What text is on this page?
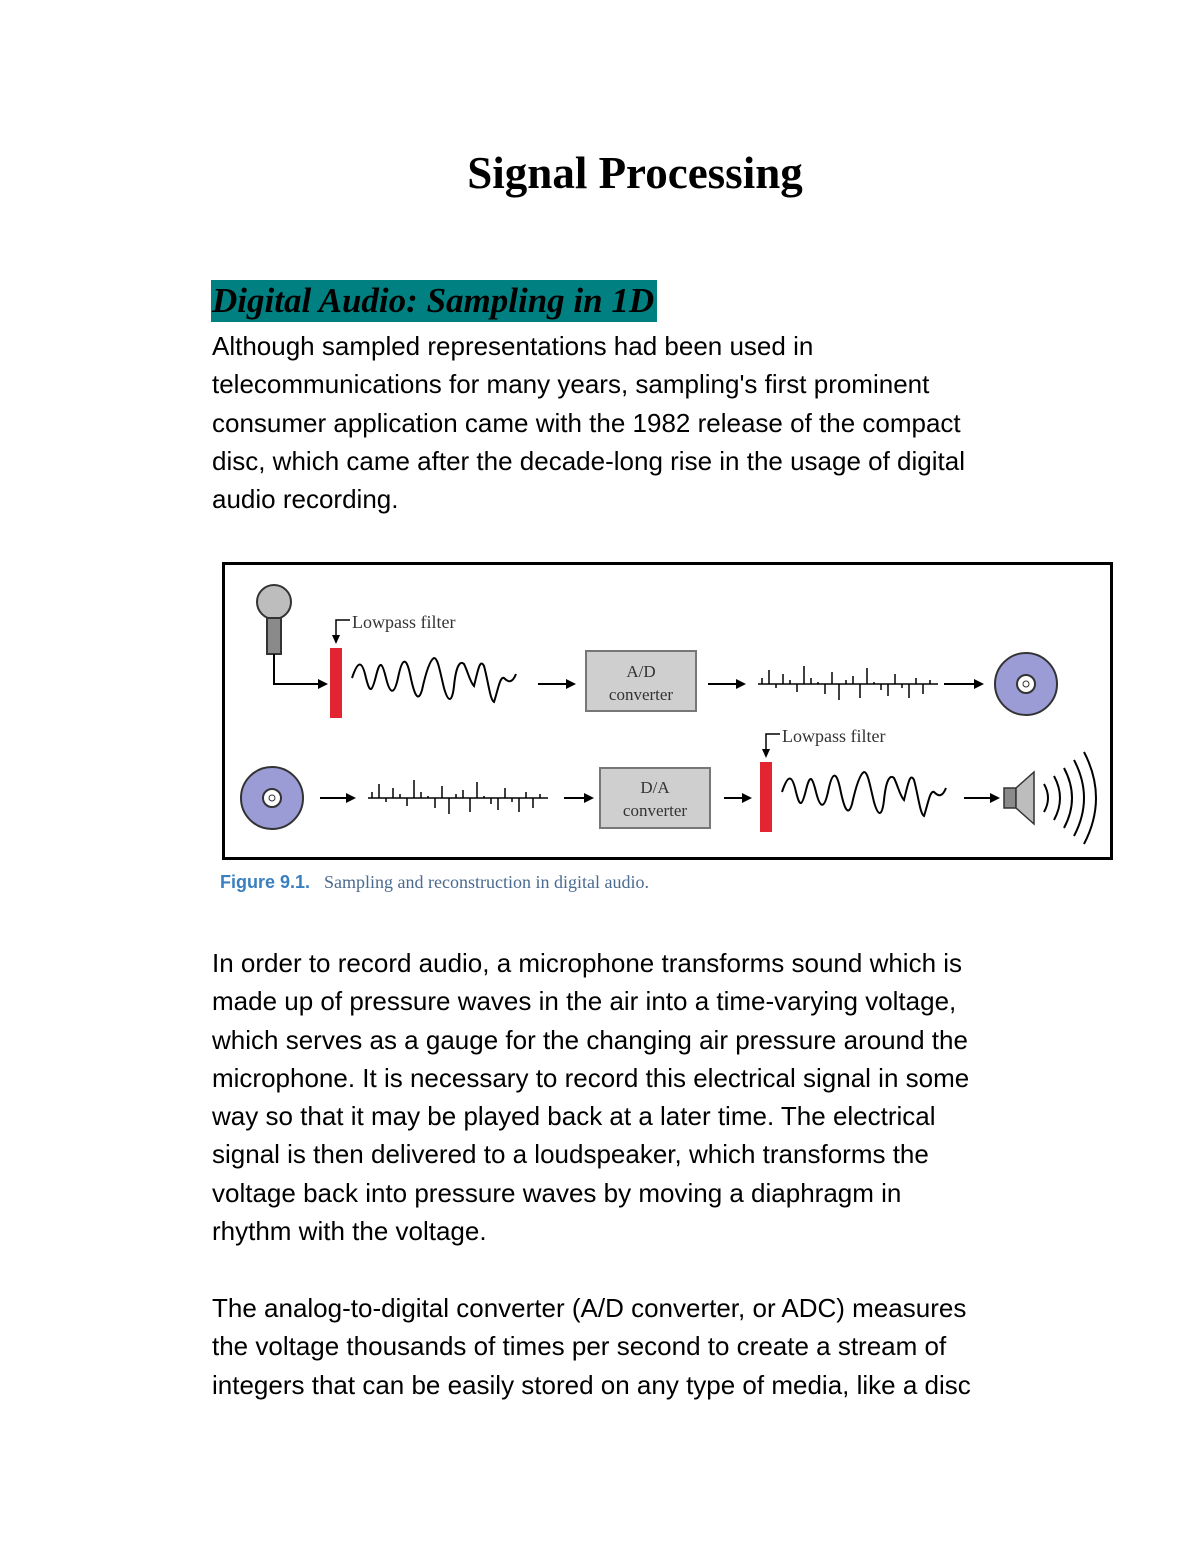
Signal Processing
Digital Audio: Sampling in 1D

Although sampled representations had been used in
telecommunications for many years, sampling's first prominent
consumer application came with the 1982 release of the compact
disc, which came after the decade-long rise in the usage of digital
audio recording.

Lowpass filter
A/D
converter
D/A
converter
Lowpass filter

Figure 9.1. Sampling and reconstruction in digital audio.

In order to record audio, a microphone transforms sound which is
made up of pressure waves in the air into a time-varying voltage,
which serves as a gauge for the changing air pressure around the
microphone. It is necessary to record this electrical signal in some
way so that it may be played back at a later time. The electrical
signal is then delivered to a loudspeaker, which transforms the
voltage back into pressure waves by moving a diaphragm in
rhythm with the voltage.

The analog-to-digital converter (A/D converter, or ADC) measures
the voltage thousands of times per second to create a stream of
integers that can be easily stored on any type of media, like a disc
